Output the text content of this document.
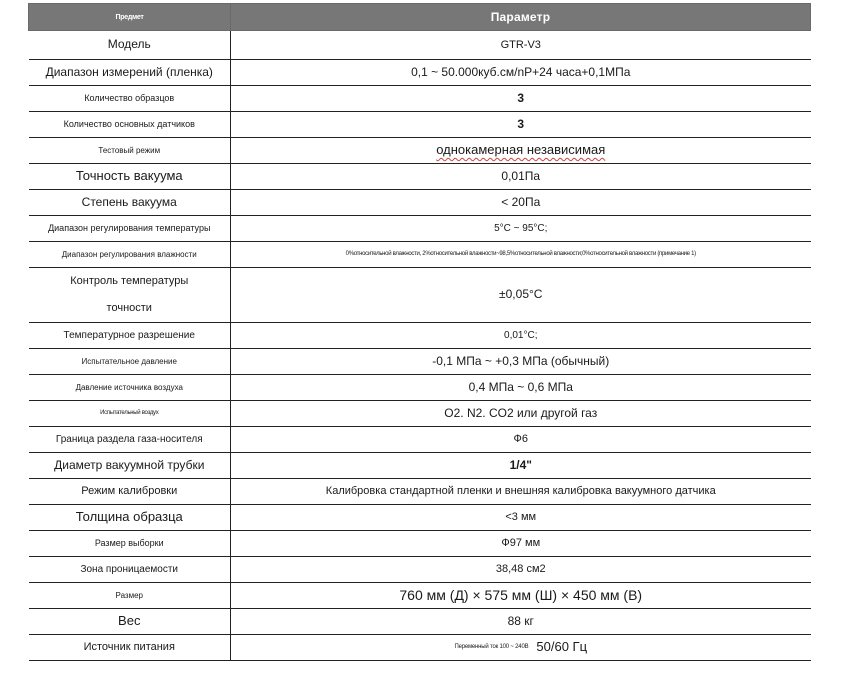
Предмет	Параметр
Модель	GTR-V3
Диапазон измерений (пленка)	0,1 ~ 50.000куб.см/nP+24 часа+0,1МПа
Количество образцов	3
Количество основных датчиков	3
Тестовый режим	однокамерная независимая
Точность вакуума	0,01Па
Степень вакуума	< 20Па
Диапазон регулирования температуры	5°C ~ 95°C;
Диапазон регулирования влажности	0%относительной влажности, 2%относительной влажности~98,5%относительной влажности;0%относительной влажности (примечание 1)
Контроль температуры точности	±0,05°C
Температурное разрешение	0,01°C;
Испытательное давление	-0,1 МПа ~ +0,3 МПа (обычный)
Давление источника воздуха	0,4 МПа ~ 0,6 МПа
Испытательный воздух	O2. N2. CO2 или другой газ
Граница раздела газа-носителя	Ф6
Диаметр вакуумной трубки	1/4"
Режим калибровки	Калибровка стандартной пленки и внешняя калибровка вакуумного датчика
Толщина образца	<3 мм
Размер выборки	Ф97 мм
Зона проницаемости	38,48 см2
Размер	760 мм (Д) × 575 мм (Ш) × 450 мм (В)
Вес	88 кг
Источник питания	Переменный ток 100 ~ 240В 50/60 Гц
